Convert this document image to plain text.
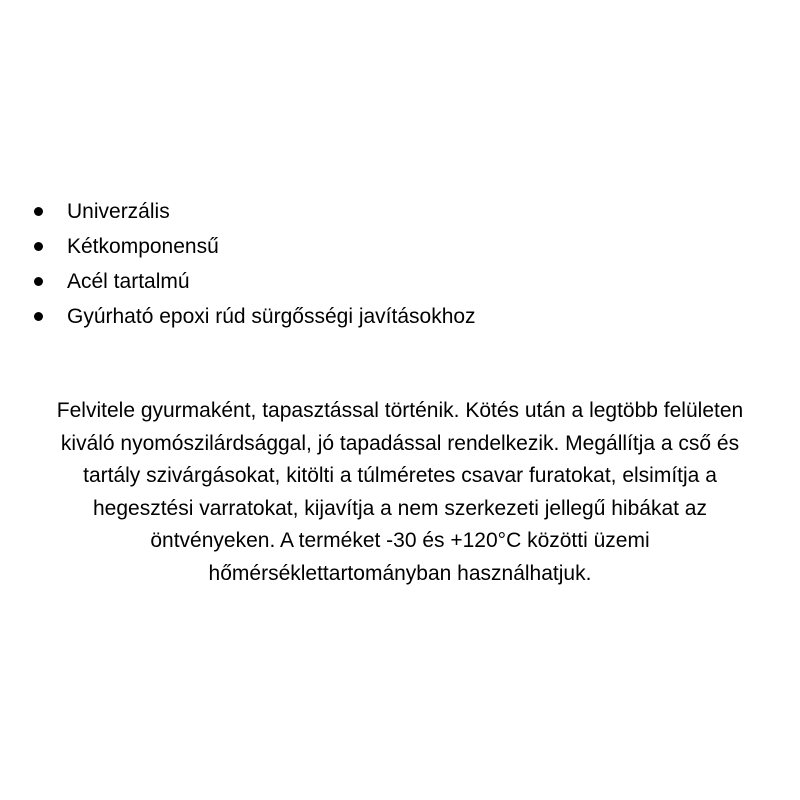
Univerzális
Kétkomponensű
Acél tartalmú
Gyúrható epoxi rúd sürgősségi javításokhoz
Felvitele gyurmaként, tapasztással történik. Kötés után a legtöbb felületen
kiváló nyomószilárdsággal, jó tapadással rendelkezik. Megállítja a cső és
tartály szivárgásokat, kitölti a túlméretes csavar furatokat, elsimítja a
hegesztési varratokat, kijavítja a nem szerkezeti jellegű hibákat az
öntvényeken. A terméket -30 és +120°C közötti üzemi
hőmérséklettartományban használhatjuk.
